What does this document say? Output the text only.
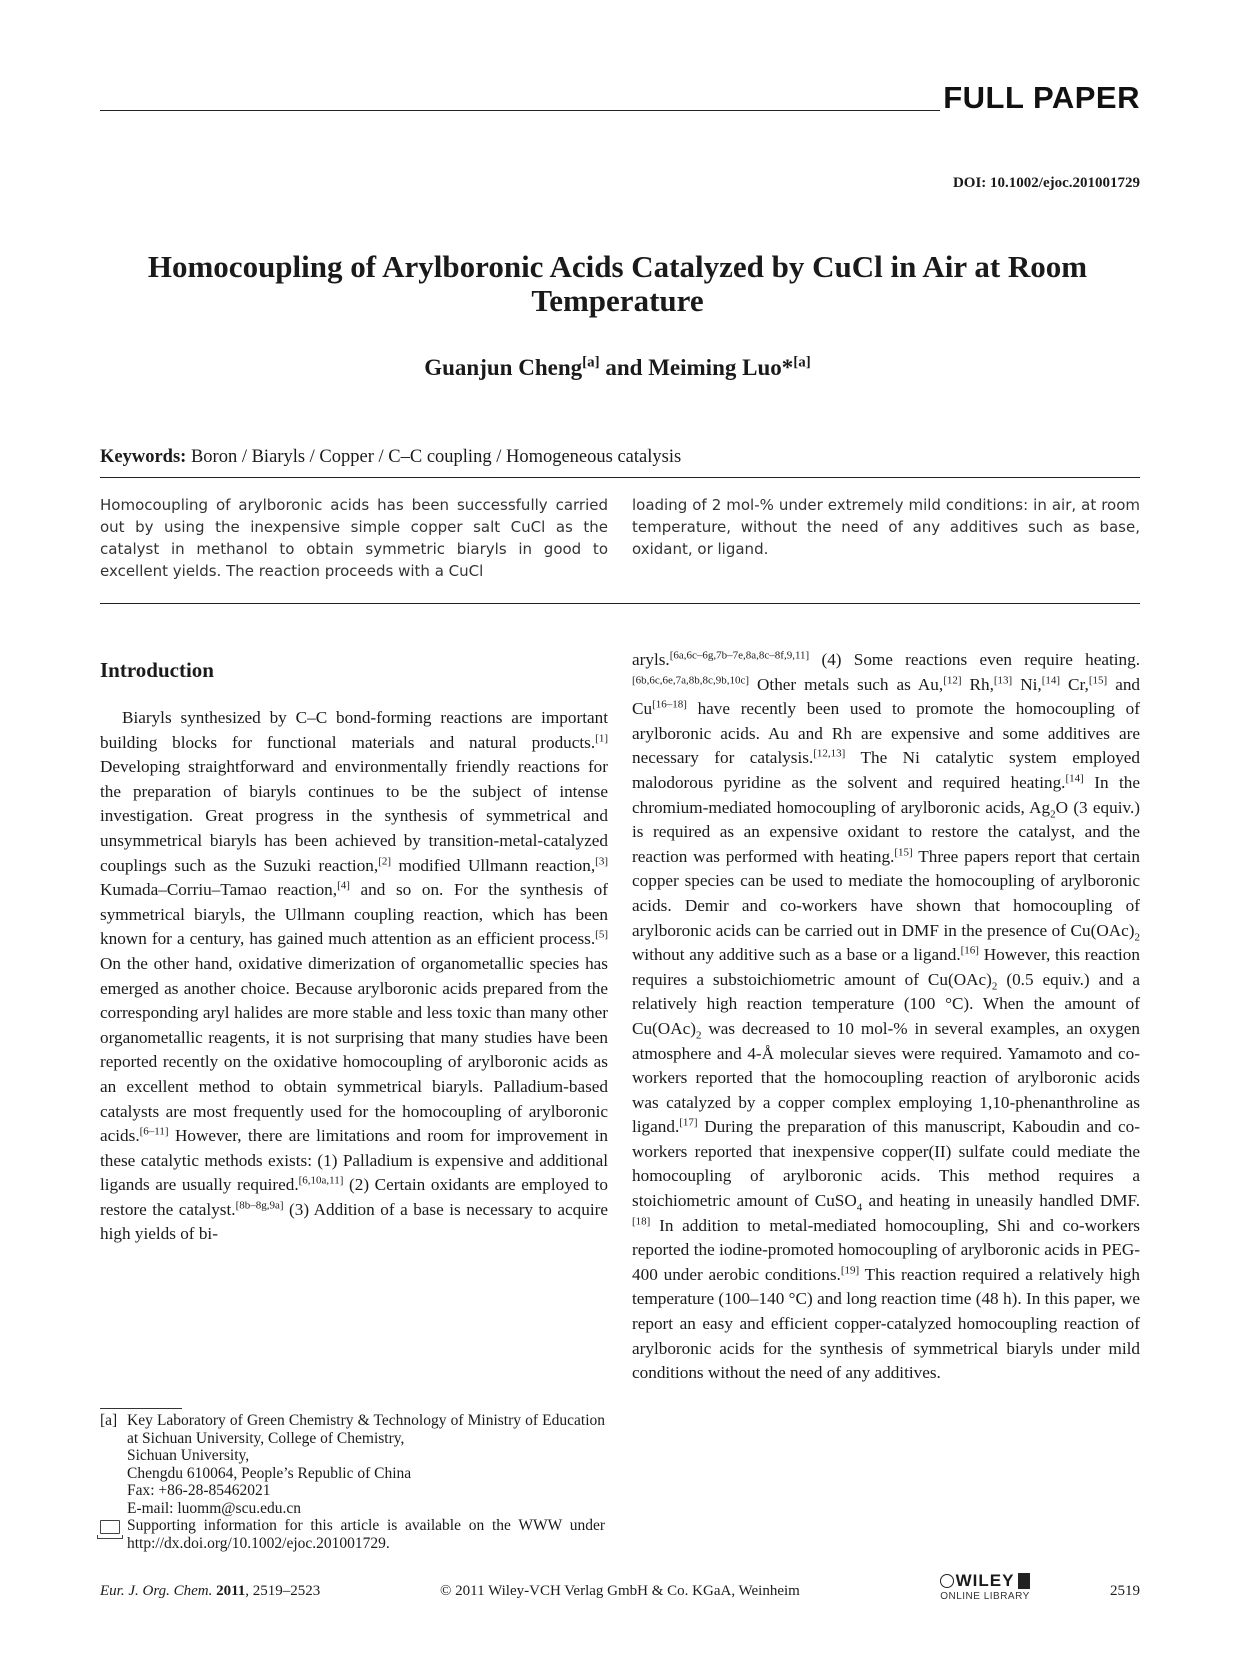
FULL PAPER
DOI: 10.1002/ejoc.201001729
Homocoupling of Arylboronic Acids Catalyzed by CuCl in Air at Room Temperature
Guanjun Cheng[a] and Meiming Luo*[a]
Keywords: Boron / Biaryls / Copper / C–C coupling / Homogeneous catalysis
Homocoupling of arylboronic acids has been successfully carried out by using the inexpensive simple copper salt CuCl as the catalyst in methanol to obtain symmetric biaryls in good to excellent yields. The reaction proceeds with a CuCl
loading of 2 mol-% under extremely mild conditions: in air, at room temperature, without the need of any additives such as base, oxidant, or ligand.
Introduction

Biaryls synthesized by C–C bond-forming reactions are important building blocks for functional materials and natural products.[1] Developing straightforward and environmentally friendly reactions for the preparation of biaryls continues to be the subject of intense investigation. Great progress in the synthesis of symmetrical and unsymmetrical biaryls has been achieved by transition-metal-catalyzed couplings such as the Suzuki reaction,[2] modified Ullmann reaction,[3] Kumada–Corriu–Tamao reaction,[4] and so on. For the synthesis of symmetrical biaryls, the Ullmann coupling reaction, which has been known for a century, has gained much attention as an efficient process.[5] On the other hand, oxidative dimerization of organometallic species has emerged as another choice. Because arylboronic acids prepared from the corresponding aryl halides are more stable and less toxic than many other organometallic reagents, it is not surprising that many studies have been reported recently on the oxidative homocoupling of arylboronic acids as an excellent method to obtain symmetrical biaryls. Palladium-based catalysts are most frequently used for the homocoupling of arylboronic acids.[6–11] However, there are limitations and room for improvement in these catalytic methods exists: (1) Palladium is expensive and additional ligands are usually required.[6,10a,11] (2) Certain oxidants are employed to restore the catalyst.[8b–8g,9a] (3) Addition of a base is necessary to acquire high yields of bi-

aryls.[6a,6c–6g,7b–7e,8a,8c–8f,9,11] (4) Some reactions even require heating.[6b,6c,6e,7a,8b,8c,9b,10c] Other metals such as Au,[12] Rh,[13] Ni,[14] Cr,[15] and Cu[16–18] have recently been used to promote the homocoupling of arylboronic acids. Au and Rh are expensive and some additives are necessary for catalysis.[12,13] The Ni catalytic system employed malodorous pyridine as the solvent and required heating.[14] In the chromium-mediated homocoupling of arylboronic acids, $Ag_2O$ (3 equiv.) is required as an expensive oxidant to restore the catalyst, and the reaction was performed with heating.[15] Three papers report that certain copper species can be used to mediate the homocoupling of arylboronic acids. Demir and co-workers have shown that homocoupling of arylboronic acids can be carried out in DMF in the presence of $Cu(OAc)_2$ without any additive such as a base or a ligand.[16] However, this reaction requires a substoichiometric amount of $Cu(OAc)_2$ (0.5 equiv.) and a relatively high reaction temperature (100 °C). When the amount of $Cu(OAc)_2$ was decreased to 10 mol-% in several examples, an oxygen atmosphere and 4-Å molecular sieves were required. Yamamoto and co-workers reported that the homocoupling reaction of arylboronic acids was catalyzed by a copper complex employing 1,10-phenanthroline as ligand.[17] During the preparation of this manuscript, Kaboudin and co-workers reported that inexpensive copper(II) sulfate could mediate the homocoupling of arylboronic acids. This method requires a stoichiometric amount of CuSO$_4$ and heating in uneasily handled DMF.[18] In addition to metal-mediated homocoupling, Shi and co-workers reported the iodine-promoted homocoupling of arylboronic acids in PEG-400 under aerobic conditions.[19] This reaction required a relatively high temperature (100–140 °C) and long reaction time (48 h). In this paper, we report an easy and efficient copper-catalyzed homocoupling reaction of arylboronic acids for the synthesis of symmetrical biaryls under mild conditions without the need of any additives.

[a] Key Laboratory of Green Chemistry & Technology of Ministry of Education at Sichuan University, College of Chemistry,
Sichuan University,
Chengdu 610064, People’s Republic of China
Fax: +86-28-85462021
E-mail: luomm@scu.edu.cn
Supporting information for this article is available on the WWW under http://dx.doi.org/10.1002/ejoc.201001729.
Eur. J. Org. Chem. 2011, 2519–2523	© 2011 Wiley-VCH Verlag GmbH & Co. KGaA, Weinheim
WILEY
ONLINE LIBRARY	2519
